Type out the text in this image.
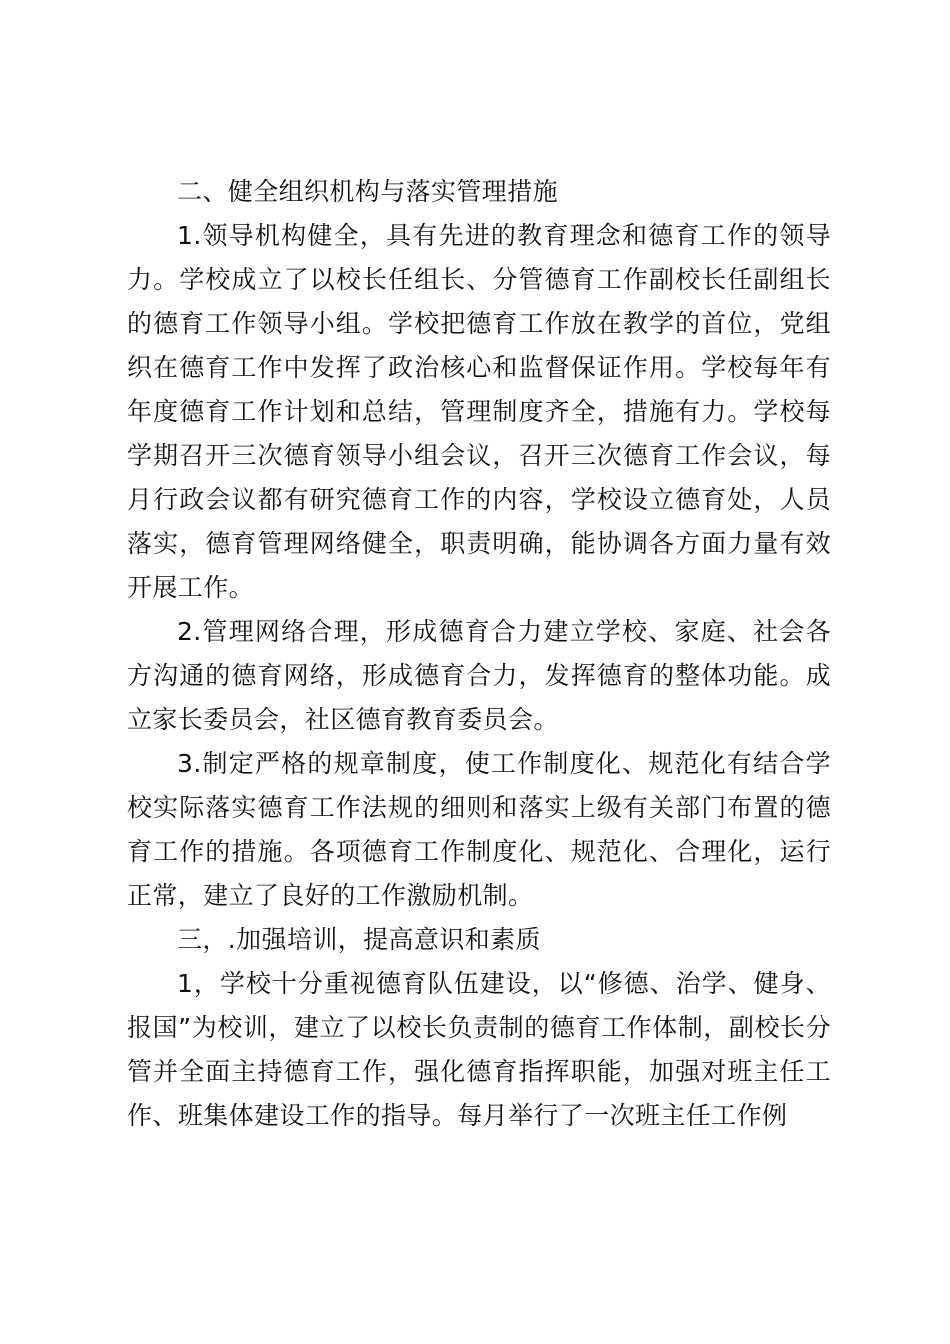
二、健全组织机构与落实管理措施

1.领导机构健全，具有先进的教育理念和德育工作的领导力。学校成立了以校长任组长、分管德育工作副校长任副组长的德育工作领导小组。学校把德育工作放在教学的首位，党组织在德育工作中发挥了政治核心和监督保证作用。学校每年有年度德育工作计划和总结，管理制度齐全，措施有力。学校每学期召开三次德育领导小组会议，召开三次德育工作会议，每月行政会议都有研究德育工作的内容，学校设立德育处，人员落实，德育管理网络健全，职责明确，能协调各方面力量有效开展工作。

2.管理网络合理，形成德育合力建立学校、家庭、社会各方沟通的德育网络，形成德育合力，发挥德育的整体功能。成立家长委员会，社区德育教育委员会。

3.制定严格的规章制度，使工作制度化、规范化有结合学校实际落实德育工作法规的细则和落实上级有关部门布置的德育工作的措施。各项德育工作制度化、规范化、合理化，运行正常，建立了良好的工作激励机制。

三，.加强培训，提高意识和素质

1，学校十分重视德育队伍建设，以“修德、治学、健身、报国”为校训，建立了以校长负责制的德育工作体制，副校长分管并全面主持德育工作，强化德育指挥职能，加强对班主任工作、班集体建设工作的指导。每月举行了一次班主任工作例
